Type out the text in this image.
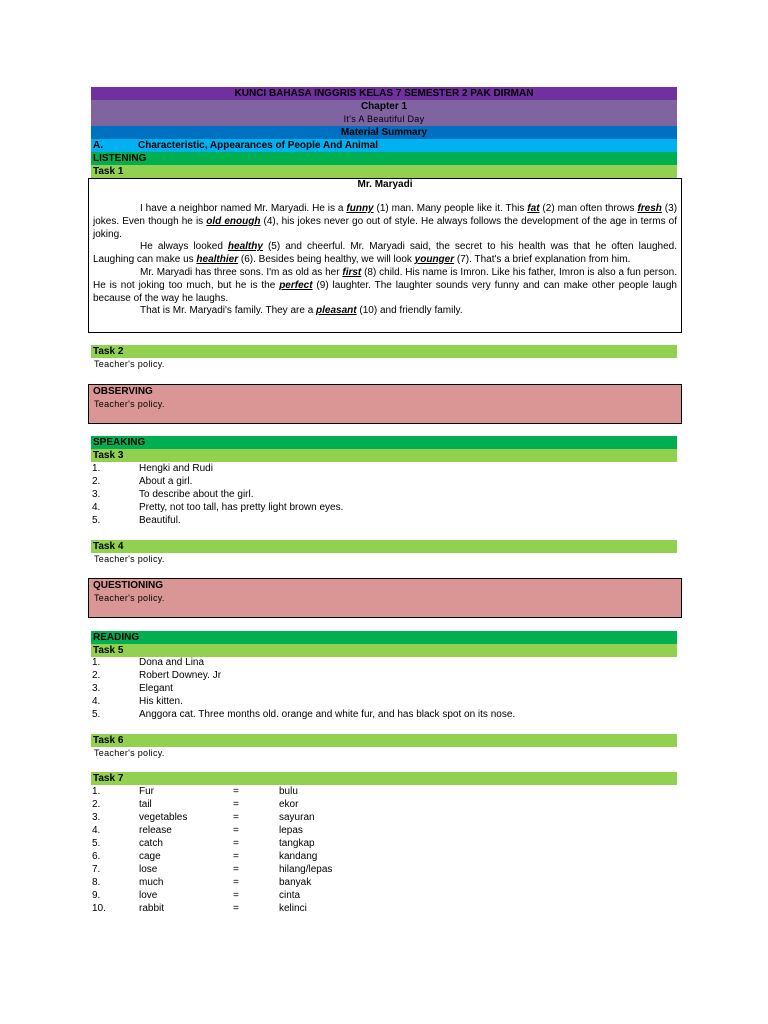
KUNCI BAHASA INGGRIS KELAS 7 SEMESTER 2 PAK DIRMAN
Chapter 1
It's A Beautiful Day
Material Summary
A.	Characteristic, Appearances of People And Animal
LISTENING
Task 1
Mr. Maryadi
I have a neighbor named Mr. Maryadi. He is a funny (1) man. Many people like it. This fat (2) man often throws fresh (3) jokes. Even though he is old enough (4), his jokes never go out of style. He always follows the development of the age in terms of joking.
He always looked healthy (5) and cheerful. Mr. Maryadi said, the secret to his health was that he often laughed. Laughing can make us healthier (6). Besides being healthy, we will look younger (7). That's a brief explanation from him.
Mr. Maryadi has three sons. I'm as old as her first (8) child. His name is Imron. Like his father, Imron is also a fun person. He is not joking too much, but he is the perfect (9) laughter. The laughter sounds very funny and can make other people laugh because of the way he laughs.
That is Mr. Maryadi's family. They are a pleasant (10) and friendly family.
Task 2
Teacher's policy.
OBSERVING
Teacher's policy.
SPEAKING
Task 3
1.	Hengki and Rudi
2.	About a girl.
3.	To describe about the girl.
4.	Pretty, not too tall, has pretty light brown eyes.
5.	Beautiful.
Task 4
Teacher's policy.
QUESTIONING
Teacher's policy.
READING
Task 5
1.	Dona and Lina
2.	Robert Downey. Jr
3.	Elegant
4.	His kitten.
5.	Anggora cat. Three months old. orange and white fur, and has black spot on its nose.
Task 6
Teacher's policy.
Task 7
1.	Fur	=	bulu
2.	tail	=	ekor
3.	vegetables	=	sayuran
4.	release	=	lepas
5.	catch	=	tangkap
6.	cage	=	kandang
7.	lose	=	hilang/lepas
8.	much	=	banyak
9.	love	=	cinta
10.	rabbit	=	kelinci
